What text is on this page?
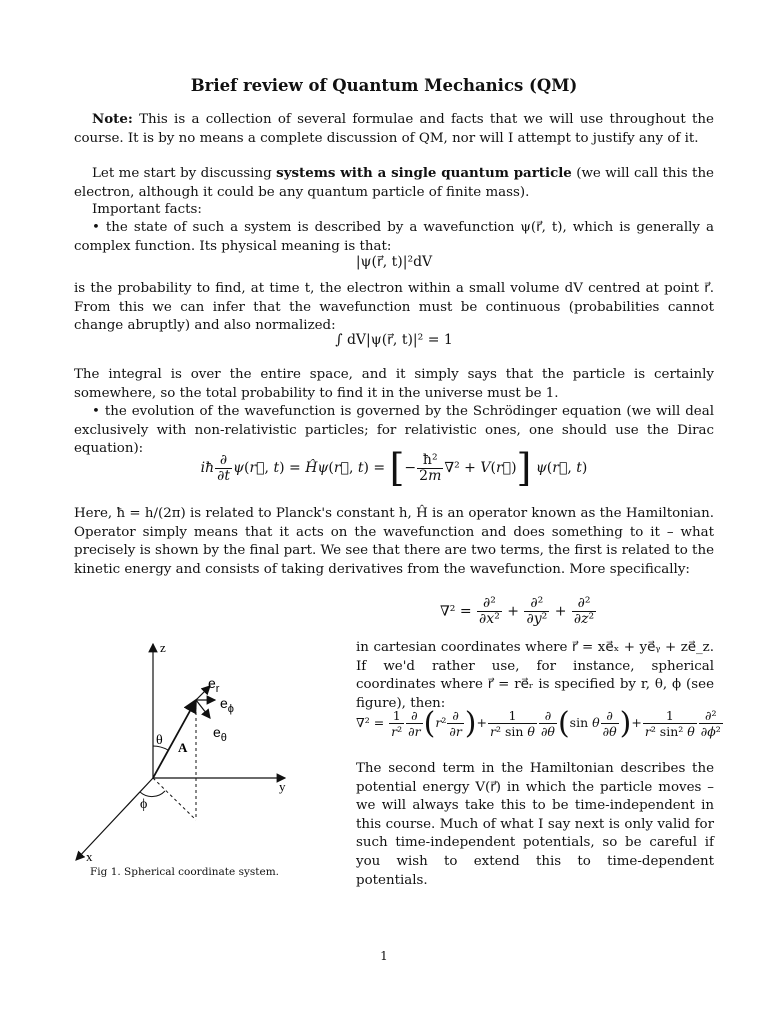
Brief review of Quantum Mechanics (QM)

Note: This is a collection of several formulae and facts that we will use throughout the course. It is by no means a complete discussion of QM, nor will I attempt to justify any of it.

Let me start by discussing systems with a single quantum particle (we will call this the electron, although it could be any quantum particle of finite mass).

Important facts:

• the state of such a system is described by a wavefunction ψ(r⃗, t), which is generally a complex function. Its physical meaning is that:

|ψ(r⃗, t)|²dV

is the probability to find, at time t, the electron within a small volume dV centred at point r⃗. From this we can infer that the wavefunction must be continuous (probabilities cannot change abruptly) and also normalized:

∫ dV|ψ(r⃗, t)|² = 1

The integral is over the entire space, and it simply says that the particle is certainly somewhere, so the total probability to find it in the universe must be 1.

• the evolution of the wavefunction is governed by the Schrödinger equation (we will deal exclusively with non-relativistic particles; for relativistic ones, one should use the Dirac equation):

iħ $\frac{\partial}{\partial t}$ ψ(r⃗, t) = Ĥψ(r⃗, t) = [− $\frac{\text{ħ²}}{2m} \nabla^2$ + V(r⃗)] ψ(r⃗, t)

Here, ħ = h/(2π) is related to Planck's constant h, Ĥ is an operator known as the Hamiltonian. Operator simply means that it acts on the wavefunction and does something to it – what precisely is shown by the final part. We see that there are two terms, the first is related to the kinetic energy and consists of taking derivatives from the wavefunction. More specifically:

$\nabla^2 = \frac{\text{∂²}}{\text{∂x²}} + \frac{\text{∂²}}{\text{∂y²}} + \frac{\text{∂²}}{\text{∂z²}}$

in cartesian coordinates where r⃗ = xe⃗ₓ + ye⃗ᵧ + ze⃗_z. If we'd rather use, for instance, spherical coordinates where r⃗ = re⃗ᵣ is specified by r, θ, ϕ (see figure), then:

$\nabla^2 = \frac{1}{\text{r²}} \frac{\partial}{\partial r} (r^2 \frac{\partial}{\partial r}$ )+ $\frac{1}{\text{r² sin θ}} \frac{\partial}{\partial\theta} (\sin$ θ $\frac{\partial}{\partial\theta}$ )+ $\frac{1}{\text{r² sin² θ}} \frac{\text{∂²}}{\text{∂ϕ²}}$

The second term in the Hamiltonian describes the potential energy V(r⃗) in which the particle moves – we will always take this to be time-independent in this course. Much of what I say next is only valid for such time-independent potentials, so be careful if you wish to extend this to time-dependent potentials.

z
y
x
$e_r$
$e_\phi$
$e_\theta$
θ
ϕ
A
Fig 1. Spherical coordinate system.
1
